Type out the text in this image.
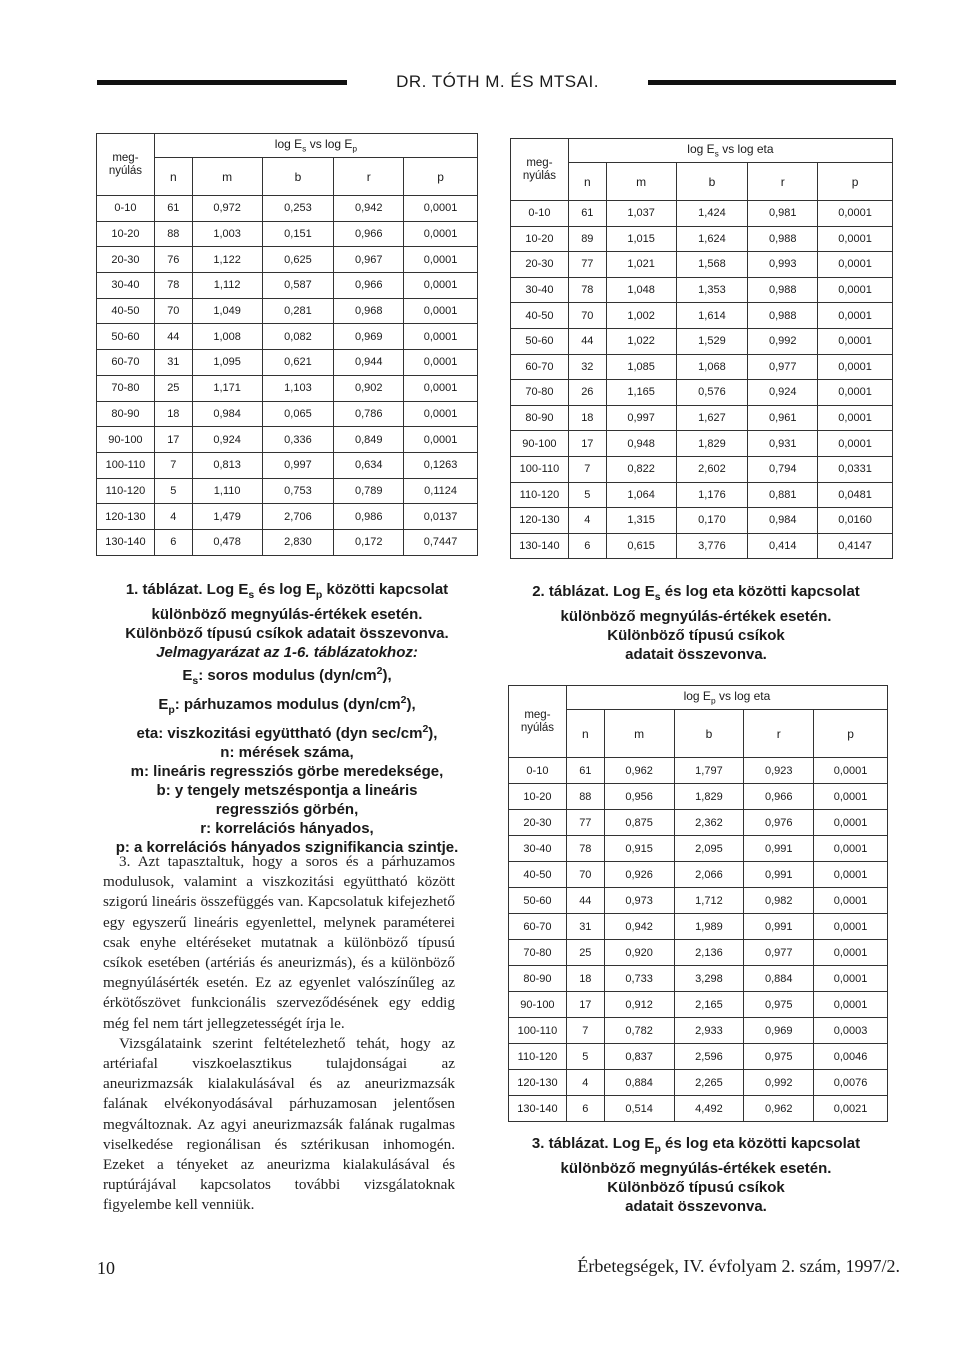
DR. TÓTH M. ÉS MTSAI.
meg- nyúlás	$\log E_s$ vs $\log E_p$
	n	m	b	r	p
0-10	61	0,972	0,253	0,942	0,0001
10-20	88	1,003	0,151	0,966	0,0001
20-30	76	1,122	0,625	0,967	0,0001
30-40	78	1,112	0,587	0,966	0,0001
40-50	70	1,049	0,281	0,968	0,0001
50-60	44	1,008	0,082	0,969	0,0001
60-70	31	1,095	0,621	0,944	0,0001
70-80	25	1,171	1,103	0,902	0,0001
80-90	18	0,984	0,065	0,786	0,0001
90-100	17	0,924	0,336	0,849	0,0001
100-110	7	0,813	0,997	0,634	0,1263
110-120	5	1,110	0,753	0,789	0,1124
120-130	4	1,479	2,706	0,986	0,0137
130-140	6	0,478	2,830	0,172	0,7447
meg- nyúlás	$\log E_s$ vs log eta				
	n	m	b	r	p
0-10	61	1,037	1,424	0,981	0,0001
10-20	89	1,015	1,624	0,988	0,0001
20-30	77	1,021	1,568	0,993	0,0001
30-40	78	1,048	1,353	0,988	0,0001
40-50	70	1,002	1,614	0,988	0,0001
50-60	44	1,022	1,529	0,992	0,0001
60-70	32	1,085	1,068	0,977	0,0001
70-80	26	1,165	0,576	0,924	0,0001
80-90	18	0,997	1,627	0,961	0,0001
90-100	17	0,948	1,829	0,931	0,0001
100-110	7	0,822	2,602	0,794	0,0331
110-120	5	1,064	1,176	0,881	0,0481
120-130	4	1,315	0,170	0,984	0,0160
130-140	6	0,615	3,776	0,414	0,4147
meg- nyúlás	$\log E_p$ vs log eta				
	n	m	b	r	p
0-10	61	0,962	1,797	0,923	0,0001
10-20	88	0,956	1,829	0,966	0,0001
20-30	77	0,875	2,362	0,976	0,0001
30-40	78	0,915	2,095	0,991	0,0001
40-50	70	0,926	2,066	0,991	0,0001
50-60	44	0,973	1,712	0,982	0,0001
60-70	31	0,942	1,989	0,991	0,0001
70-80	25	0,920	2,136	0,977	0,0001
80-90	18	0,733	3,298	0,884	0,0001
90-100	17	0,912	2,165	0,975	0,0001
100-110	7	0,782	2,933	0,969	0,0003
110-120	5	0,837	2,596	0,975	0,0046
120-130	4	0,884	2,265	0,992	0,0076
130-140	6	0,514	4,492	0,962	0,0021
1. táblázat. Log $E_s$ és $\log E_p$ közötti kapcsolat
különböző megnyúlás-értékek esetén.
Különböző típusú csíkok adatait összevonva.
Jelmagyarázat az 1-6. táblázatokhoz:
$E_s$: soros modulus $(dyn/cm^2)$,
$E_p$: párhuzamos modulus $(dyn/cm^2)$,
eta: viszkozitási együttható (dyn $\sec/cm^2$),
n: mérések száma,
m: lineáris regressziós görbe meredeksége,
b: y tengely metszéspontja a lineáris
regressziós görbén,
r: korrelációs hányados,
p: a korrelációs hányados szignifikancia szintje.
2. táblázat. Log $E_s$ és log eta közötti kapcsolat
különböző megnyúlás-értékek esetén.
Különböző típusú csíkok
adatait összevonva.
3. táblázat. Log $E_p$ és log eta közötti kapcsolat
különböző megnyúlás-értékek esetén.
Különböző típusú csíkok
adatait összevonva.

3. Azt tapasztaltuk, hogy a soros és a párhuzamos modulusok, valamint a viszkozitási együttható között szigorú lineáris összefüggés van. Kapcsolatuk kifejezhető egy egyszerű lineáris egyenlettel, melynek paraméterei csak enyhe eltéréseket mutatnak a különböző típusú csíkok esetében (artériás és aneurizmás), és a különböző megnyúlásérték esetén. Ez az egyenlet valószínűleg az érkötőszövet funkcionális szerveződésének egy eddig még fel nem tárt jellegzetességét írja le.

Vizsgálataink szerint feltételezhető tehát, hogy az artériafal viszkoelasztikus tulajdonságai az aneurizmazsák kialakulásával és az aneurizmazsák falának elvékonyodásával párhuzamosan jelentősen megváltoznak. Az agyi aneurizmazsák falának rugalmas viselkedése regionálisan és sztérikusan inhomogén. Ezeket a tényeket az aneurizma kialakulásával és ruptúrájával kapcsolatos további vizsgálatoknak figyelembe kell venniük.

10	Érbetegségek, IV. évfolyam 2. szám, 1997/2.
